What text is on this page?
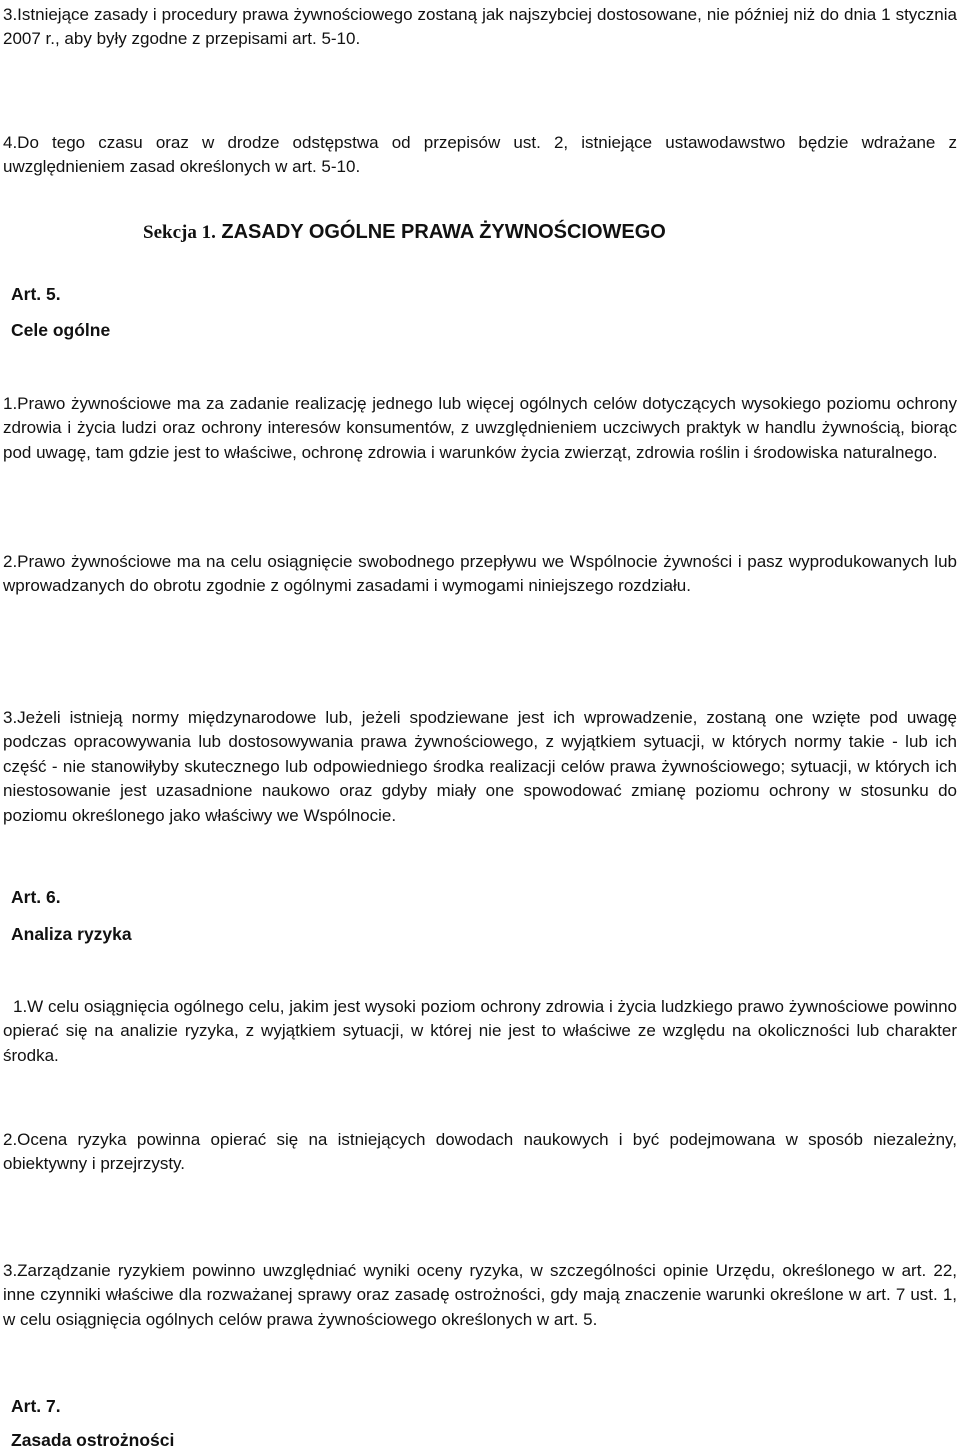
3.Istniejące zasady i procedury prawa żywnościowego zostaną jak najszybciej dostosowane, nie później niż do dnia 1 stycznia 2007 r., aby były zgodne z przepisami art. 5-10.

4.Do tego czasu oraz w drodze odstępstwa od przepisów ust. 2, istniejące ustawodawstwo będzie wdrażane z uwzględnieniem zasad określonych w art. 5-10.

Sekcja 1. ZASADY OGÓLNE PRAWA ŻYWNOŚCIOWEGO
Art. 5.
Cele ogólne

1.Prawo żywnościowe ma za zadanie realizację jednego lub więcej ogólnych celów dotyczących wysokiego poziomu ochrony zdrowia i życia ludzi oraz ochrony interesów konsumentów, z uwzględnieniem uczciwych praktyk w handlu żywnością, biorąc pod uwagę, tam gdzie jest to właściwe, ochronę zdrowia i warunków życia zwierząt, zdrowia roślin i środowiska naturalnego.

2.Prawo żywnościowe ma na celu osiągnięcie swobodnego przepływu we Wspólnocie żywności i pasz wyprodukowanych lub wprowadzanych do obrotu zgodnie z ogólnymi zasadami i wymogami niniejszego rozdziału.

3.Jeżeli istnieją normy międzynarodowe lub, jeżeli spodziewane jest ich wprowadzenie, zostaną one wzięte pod uwagę podczas opracowywania lub dostosowywania prawa żywnościowego, z wyjątkiem sytuacji, w których normy takie - lub ich część - nie stanowiłyby skutecznego lub odpowiedniego środka realizacji celów prawa żywnościowego; sytuacji, w których ich niestosowanie jest uzasadnione naukowo oraz gdyby miały one spowodować zmianę poziomu ochrony w stosunku do poziomu określonego jako właściwy we Wspólnocie.

Art. 6.
Analiza ryzyka

1.W celu osiągnięcia ogólnego celu, jakim jest wysoki poziom ochrony zdrowia i życia ludzkiego prawo żywnościowe powinno opierać się na analizie ryzyka, z wyjątkiem sytuacji, w której nie jest to właściwe ze względu na okoliczności lub charakter środka.

2.Ocena ryzyka powinna opierać się na istniejących dowodach naukowych i być podejmowana w sposób niezależny, obiektywny i przejrzysty.

3.Zarządzanie ryzykiem powinno uwzględniać wyniki oceny ryzyka, w szczególności opinie Urzędu, określonego w art. 22, inne czynniki właściwe dla rozważanej sprawy oraz zasadę ostrożności, gdy mają znaczenie warunki określone w art. 7 ust. 1, w celu osiągnięcia ogólnych celów prawa żywnościowego określonych w art. 5.

Art. 7.
Zasada ostrożności
